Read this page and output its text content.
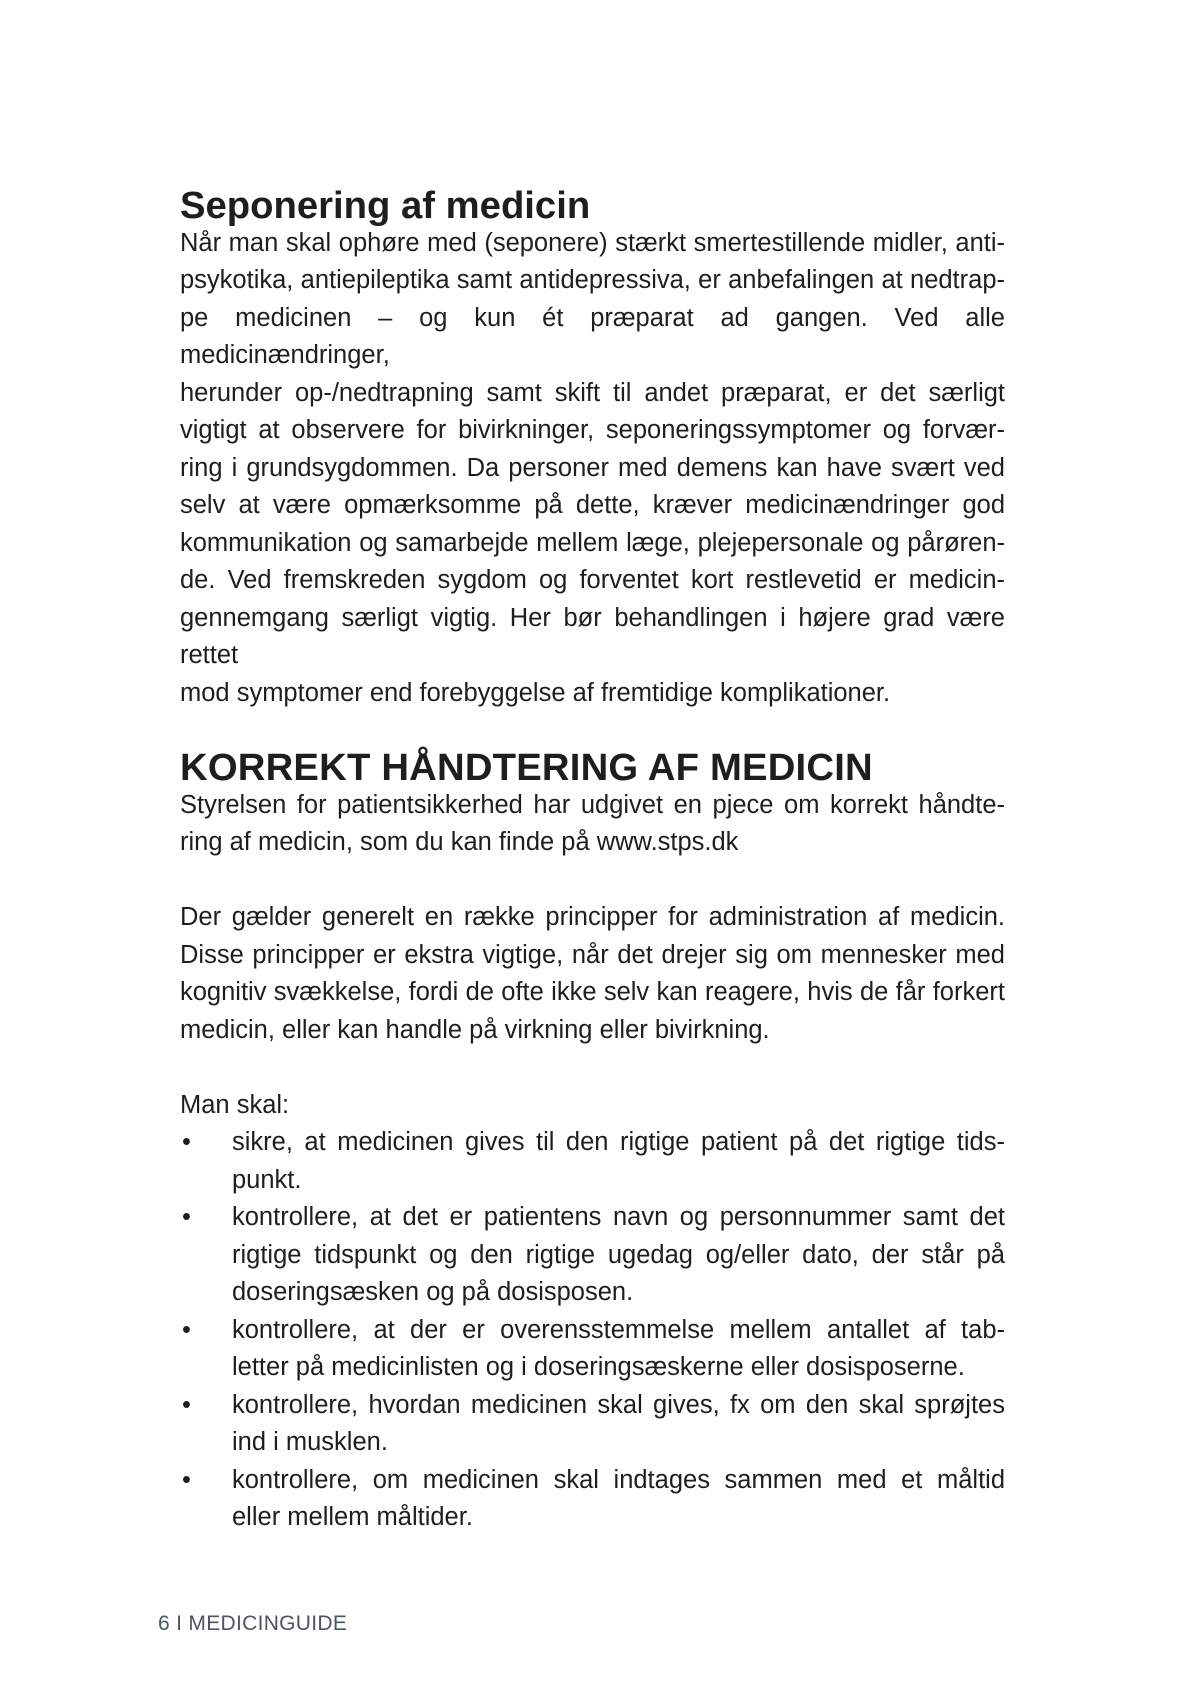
Seponering af medicin
Når man skal ophøre med (seponere) stærkt smertestillende midler, anti-
psykotika, antiepileptika samt antidepressiva, er anbefalingen at nedtrap-
pe medicinen – og kun ét præparat ad gangen. Ved alle medicinændringer,
herunder op-/nedtrapning samt skift til andet præparat, er det særligt
vigtigt at observere for bivirkninger, seponeringssymptomer og forvær-
ring i grundsygdommen. Da personer med demens kan have svært ved
selv at være opmærksomme på dette, kræver medicinændringer god
kommunikation og samarbejde mellem læge, plejepersonale og pårøren-
de. Ved fremskreden sygdom og forventet kort restlevetid er medicin-
gennemgang særligt vigtig. Her bør behandlingen i højere grad være rettet
mod symptomer end forebyggelse af fremtidige komplikationer.
KORREKT HÅNDTERING AF MEDICIN
Styrelsen for patientsikkerhed har udgivet en pjece om korrekt håndte-
ring af medicin, som du kan finde på www.stps.dk
Der gælder generelt en række principper for administration af medicin.
Disse principper er ekstra vigtige, når det drejer sig om mennesker med
kognitiv svækkelse, fordi de ofte ikke selv kan reagere, hvis de får forkert
medicin, eller kan handle på virkning eller bivirkning.

Man skal:

• sikre, at medicinen gives til den rigtige patient på det rigtige tids-
punkt.
• kontrollere, at det er patientens navn og personnummer samt det
rigtige tidspunkt og den rigtige ugedag og/eller dato, der står på
doseringsæsken og på dosisposen.
• kontrollere, at der er overensstemmelse mellem antallet af tab-
letter på medicinlisten og i doseringsæskerne eller dosisposerne.
• kontrollere, hvordan medicinen skal gives, fx om den skal sprøjtes
ind i musklen.
• kontrollere, om medicinen skal indtages sammen med et måltid
eller mellem måltider.
6 I MEDICINGUIDE
